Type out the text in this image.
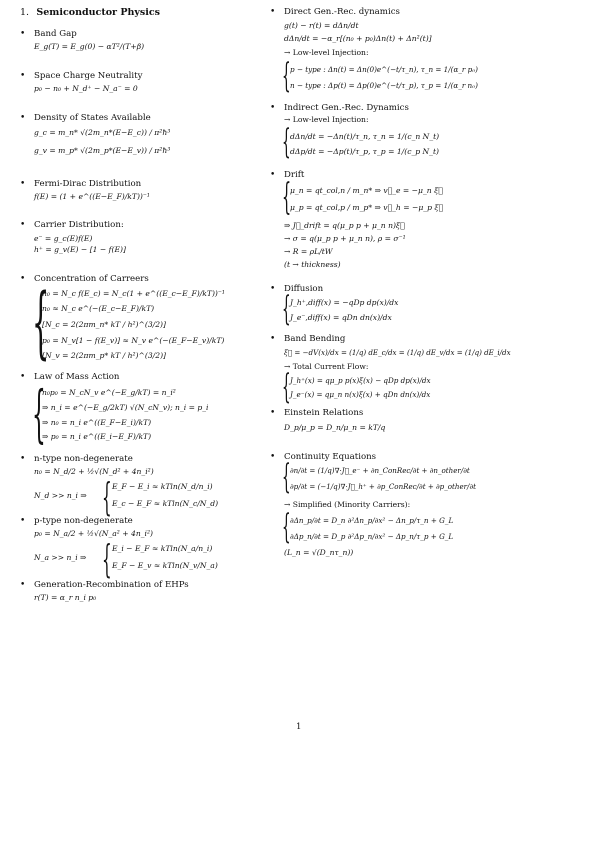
1. Semiconductor Physics
• Band Gap
E_g(T) = E_g(0) − αT²/(T+β)
• Space Charge Neutrality
p₀ − n₀ + N_d⁺ − N_a⁻ = 0
• Density of States Available
g_c = m_n* √(2m_n*(E−E_c)) / π²ħ³
g_v = m_p* √(2m_p*(E−E_v)) / π²ħ³
• Fermi-Dirac Distribution
f(E) = (1 + e^((E−E_F)/kT))⁻¹
• Carrier Distribution:
e⁻ = g_c(E)f(E)
h⁺ = g_v(E) − [1 − f(E)]
• Concentration of Carreers
{
n₀ = N_c f(E_c) = N_c(1 + e^((E_c−E_F)/kT))⁻¹
n₀ ≈ N_c e^(−(E_c−E_F)/kT)
[N_c = 2(2πm_n* kT / h²)^(3/2)]
p₀ = N_v[1 − f(E_v)] ≈ N_v e^(−(E_F−E_v)/kT)
[N_v = 2(2πm_p* kT / h²)^(3/2)]
• Law of Mass Action
{
n₀p₀ = N_cN_v e^(−E_g/kT) = n_i²
⇒ n_i = e^(−E_g/2kT) √(N_cN_v); n_i = p_i
⇒ n₀ = n_i e^((E_F−E_i)/kT)
⇒ p₀ = n_i e^((E_i−E_F)/kT)
• n-type non-degenerate
n₀ = N_d/2 + ½√(N_d² + 4n_i²)
N_d >> n_i ⇒ { E_F − E_i ≈ kTln(N_d/n_i)
E_c − E_F ≈ kTln(N_c/N_d)
• p-type non-degenerate
p₀ = N_a/2 + ½√(N_a² + 4n_i²)
N_a >> n_i ⇒ { E_i − E_F ≈ kTln(N_a/n_i)
E_F − E_v ≈ kTln(N_v/N_a)
• Generation-Recombination of EHPs
r(T) = α_r n_i p₀
• Direct Gen.-Rec. dynamics
g(t) − r(t) = dΔn/dt
dΔn/dt = −α_r[(n₀ + p₀)Δn(t) + Δn²(t)]
→ Low-level Injection:
{ p − type : Δn(t) = Δn(0)e^(−t/τ_n), τ_n = 1/(α_r p₀)
n − type : Δp(t) = Δp(0)e^(−t/τ_p), τ_p = 1/(α_r n₀)
• Indirect Gen.-Rec. Dynamics
→ Low-level Injection:
{ dΔn/dt = −Δn(t)/τ_n, τ_n = 1/(c_n N_t)
dΔp/dt = −Δp(t)/τ_p, τ_p = 1/(c_p N_t)
• Drift
{
μ_n = qt_col,n / m_n* ⇒ v⃗_e = −μ_n ξ⃗
μ_p = qt_col,p / m_p* ⇒ v⃗_h = −μ_p ξ⃗
⇒ J⃗_drift = q(μ_p p + μ_n n)ξ⃗
→ σ = q(μ_p p + μ_n n), ρ = σ⁻¹
→ R = ρL/tW
(t → thickness)
• Diffusion
{ J_h⁺,diff(x) = −qDp dp(x)/dx
J_e⁻,diff(x) = qDn dn(x)/dx
• Band Bending
ξ⃗ = −dV(x)/dx = (1/q) dE_c/dx = (1/q) dE_v/dx = (1/q) dE_i/dx
→ Total Current Flow:
{ J_h⁺(x) = qμ_p p(x)ξ(x) − qDp dp(x)/dx
J_e⁻(x) = qμ_n n(x)ξ(x) + qDn dn(x)/dx
• Einstein Relations
D_p/μ_p = D_n/μ_n = kT/q
• Continuity Equations
{ ∂n/∂t = (1/q)∇·J⃗_e⁻ + ∂n_ConRec/∂t + ∂n_other/∂t
∂p/∂t = (−1/q)∇·J⃗_h⁺ + ∂p_ConRec/∂t + ∂p_other/∂t
→ Simplified (Minority Carriers):
{ ∂Δn_p/∂t = D_n ∂²Δn_p/∂x² − Δn_p/τ_n + G_L
∂Δp_n/∂t = D_p ∂²Δp_n/∂x² − Δp_n/τ_p + G_L
(L_n = √(D_nτ_n))
1
